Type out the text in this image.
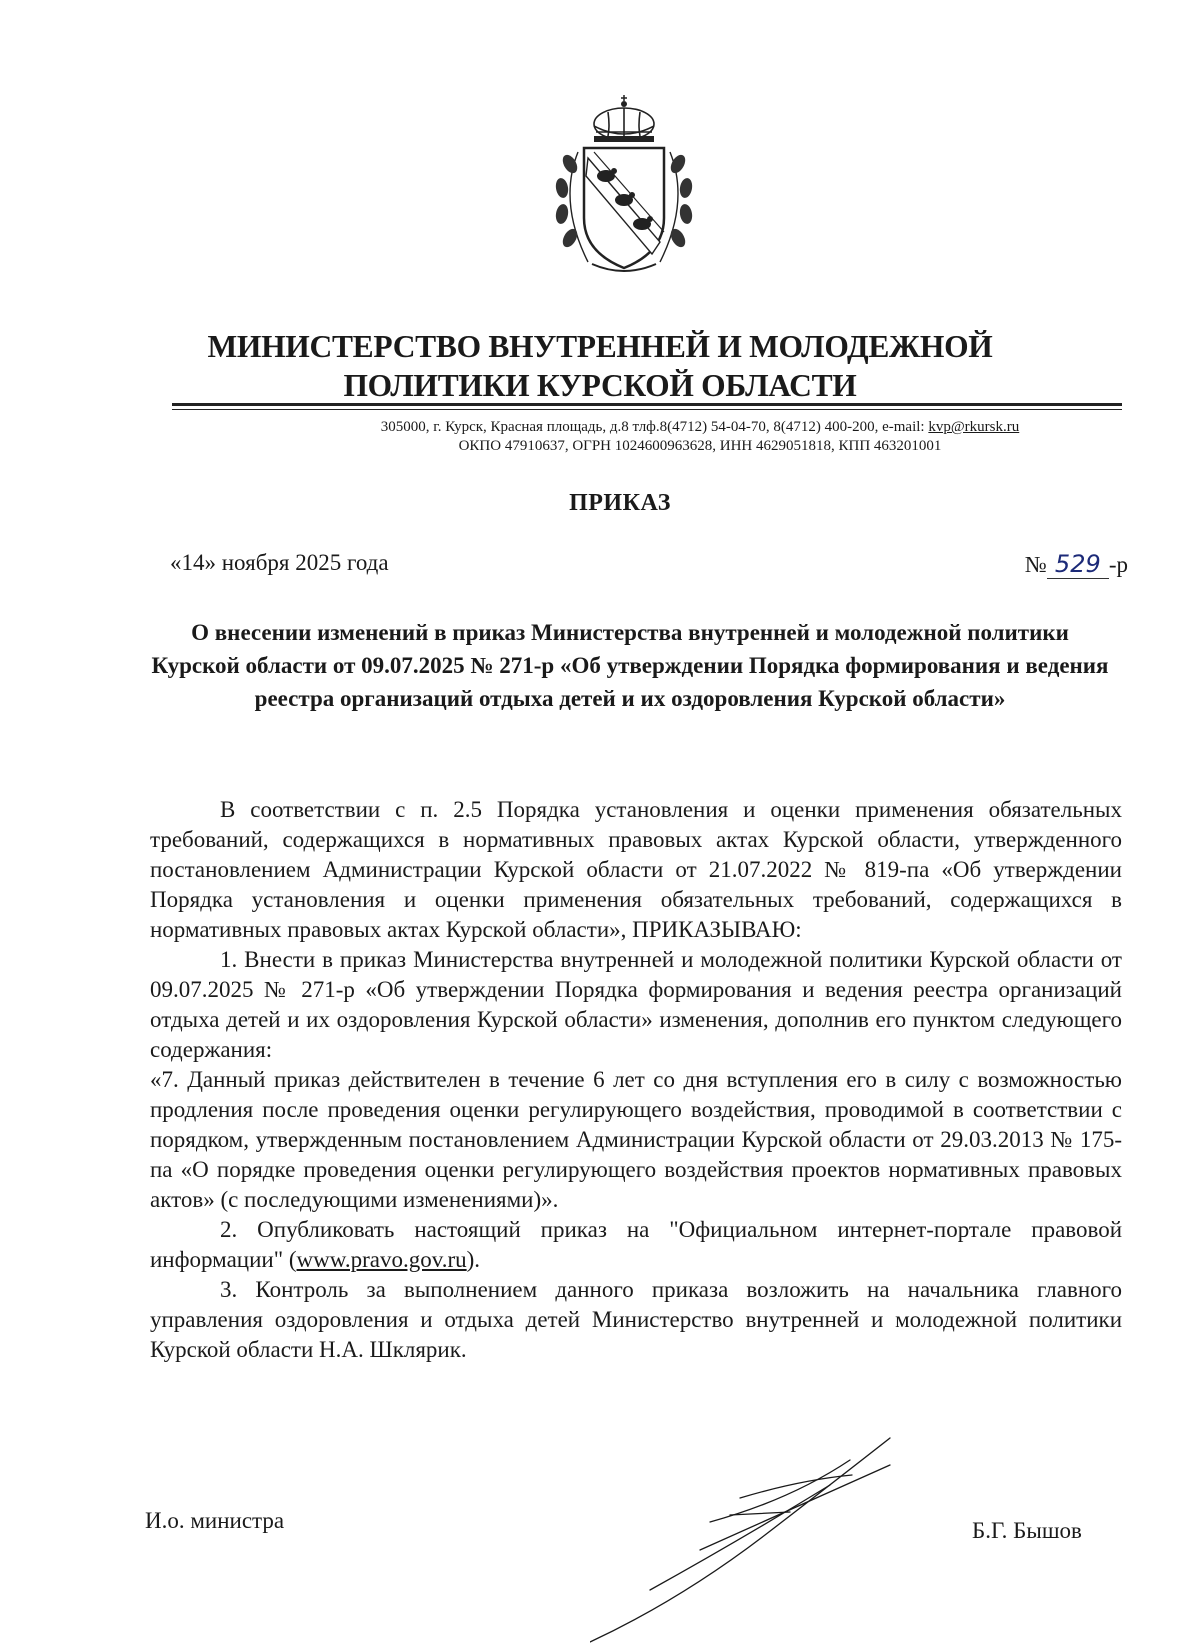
МИНИСТЕРСТВО ВНУТРЕННЕЙ И МОЛОДЕЖНОЙ
ПОЛИТИКИ КУРСКОЙ ОБЛАСТИ
305000, г. Курск, Красная площадь, д.8 тлф.8(4712) 54-04-70, 8(4712) 400-200, e-mail: kvp@rkursk.ru
ОКПО 47910637, ОГРН 1024600963628, ИНН 4629051818, КПП 463201001
ПРИКАЗ
«14» ноября 2025 года	№ 529 -р
О внесении изменений в приказ Министерства внутренней и молодежной политики Курской области от 09.07.2025 № 271-р «Об утверждении Порядка формирования и ведения реестра организаций отдыха детей и их оздоровления Курской области»

В соответствии с п. 2.5 Порядка установления и оценки применения обязательных требований, содержащихся в нормативных правовых актах Курской области, утвержденного постановлением Администрации Курской области от 21.07.2022 № 819-па «Об утверждении Порядка установления и оценки применения обязательных требований, содержащихся в нормативных правовых актах Курской области», ПРИКАЗЫВАЮ:

1. Внести в приказ Министерства внутренней и молодежной политики Курской области от 09.07.2025 № 271-р «Об утверждении Порядка формирования и ведения реестра организаций отдыха детей и их оздоровления Курской области» изменения, дополнив его пунктом следующего содержания:

«7. Данный приказ действителен в течение 6 лет со дня вступления его в силу с возможностью продления после проведения оценки регулирующего воздействия, проводимой в соответствии с порядком, утвержденным постановлением Администрации Курской области от 29.03.2013 № 175-па «О порядке проведения оценки регулирующего воздействия проектов нормативных правовых актов» (с последующими изменениями)».

2. Опубликовать настоящий приказ на "Официальном интернет-портале правовой информации" (www.pravo.gov.ru).

3. Контроль за выполнением данного приказа возложить на начальника главного управления оздоровления и отдыха детей Министерство внутренней и молодежной политики Курской области Н.А. Шклярик.

И.о. министра	Б.Г. Бышов
